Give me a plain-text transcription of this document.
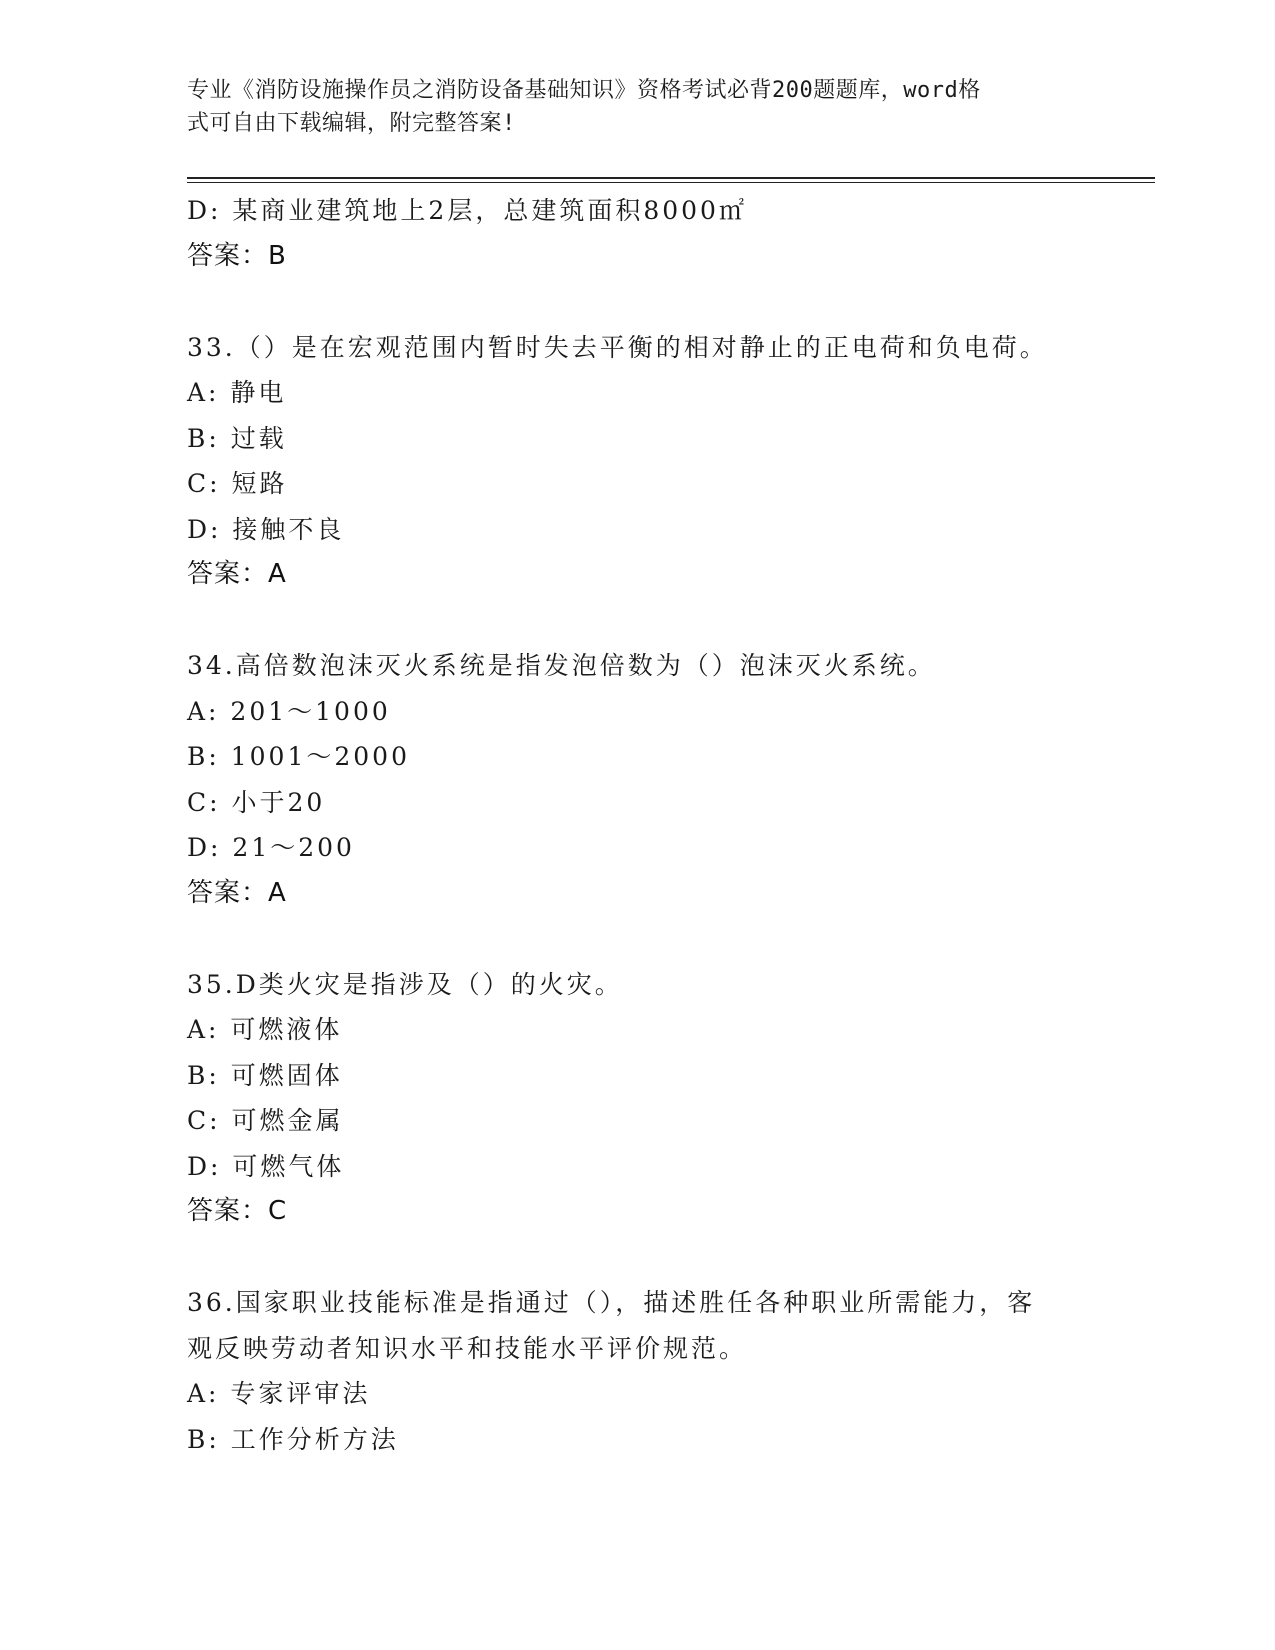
专业《消防设施操作员之消防设备基础知识》资格考试必背200题题库，word格
式可自由下载编辑，附完整答案!
D: 某商业建筑地上2层，总建筑面积8000㎡
答案：B
33.（）是在宏观范围内暂时失去平衡的相对静止的正电荷和负电荷。
A: 静电
B: 过载
C: 短路
D: 接触不良
答案：A
34.高倍数泡沫灭火系统是指发泡倍数为（）泡沫灭火系统。
A: 201～1000
B: 1001～2000
C: 小于20
D: 21～200
答案：A
35.D类火灾是指涉及（）的火灾。
A: 可燃液体
B: 可燃固体
C: 可燃金属
D: 可燃气体
答案：C
36.国家职业技能标准是指通过（），描述胜任各种职业所需能力，客
观反映劳动者知识水平和技能水平评价规范。
A: 专家评审法
B: 工作分析方法
